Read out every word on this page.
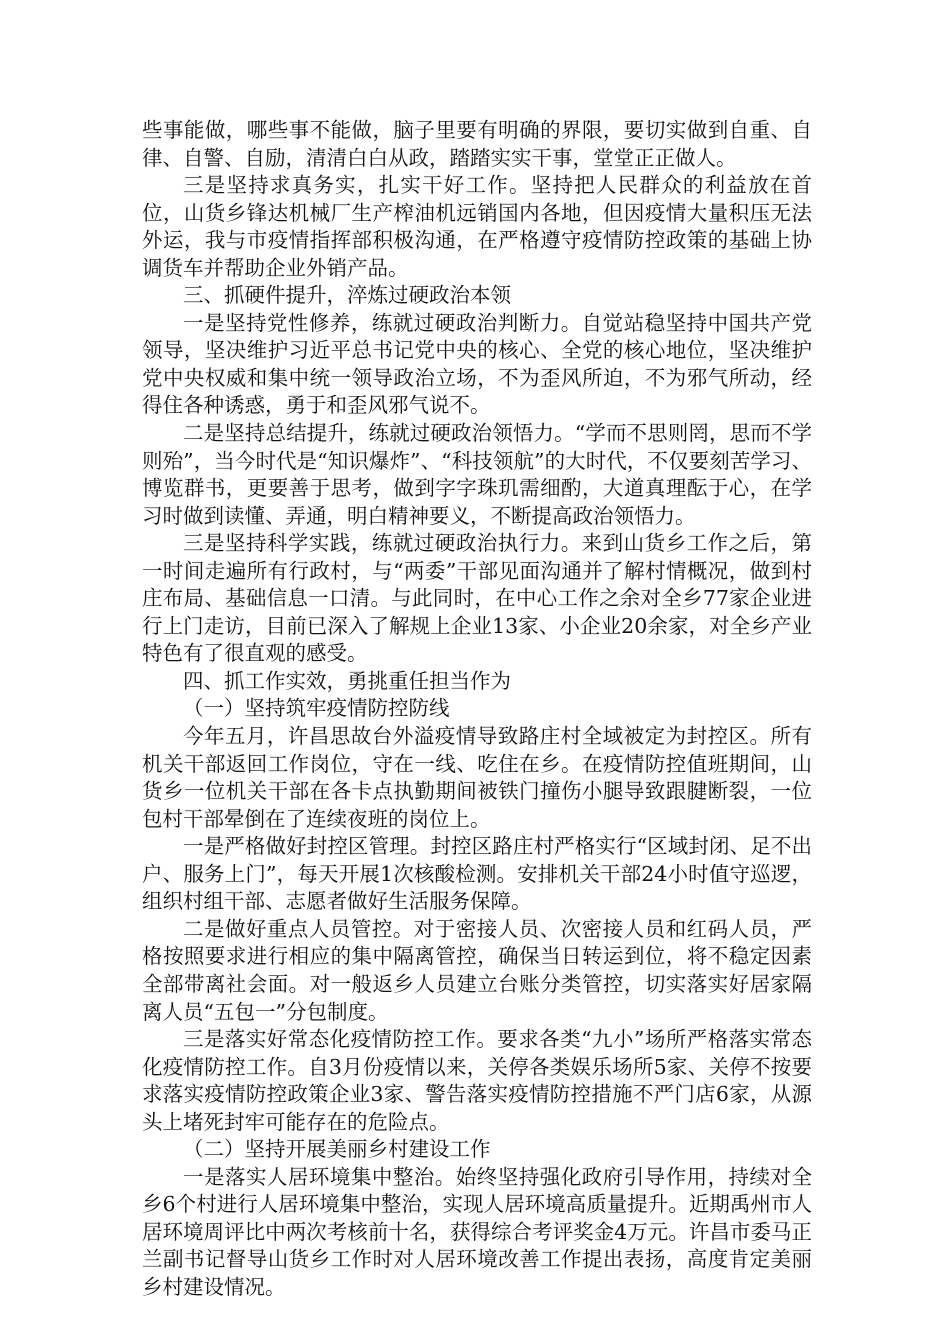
些事能做，哪些事不能做，脑子里要有明确的界限，要切实做到自重、自律、自警、自励，清清白白从政，踏踏实实干事，堂堂正正做人。

三是坚持求真务实，扎实干好工作。坚持把人民群众的利益放在首位，山货乡锋达机械厂生产榨油机远销国内各地，但因疫情大量积压无法外运，我与市疫情指挥部积极沟通，在严格遵守疫情防控政策的基础上协调货车并帮助企业外销产品。

三、抓硬件提升，淬炼过硬政治本领

一是坚持党性修养，练就过硬政治判断力。自觉站稳坚持中国共产党领导，坚决维护习近平总书记党中央的核心、全党的核心地位，坚决维护党中央权威和集中统一领导政治立场，不为歪风所迫，不为邪气所动，经得住各种诱惑，勇于和歪风邪气说不。

二是坚持总结提升，练就过硬政治领悟力。“学而不思则罔，思而不学则殆”，当今时代是“知识爆炸”、“科技领航”的大时代，不仅要刻苦学习、博览群书，更要善于思考，做到字字珠玑需细酌，大道真理酝于心，在学习时做到读懂、弄通，明白精神要义，不断提高政治领悟力。

三是坚持科学实践，练就过硬政治执行力。来到山货乡工作之后，第一时间走遍所有行政村，与“两委”干部见面沟通并了解村情概况，做到村庄布局、基础信息一口清。与此同时，在中心工作之余对全乡77家企业进行上门走访，目前已深入了解规上企业13家、小企业20余家，对全乡产业特色有了很直观的感受。

四、抓工作实效，勇挑重任担当作为

（一）坚持筑牢疫情防控防线

今年五月，许昌思故台外溢疫情导致路庄村全域被定为封控区。所有机关干部返回工作岗位，守在一线、吃住在乡。在疫情防控值班期间，山货乡一位机关干部在各卡点执勤期间被铁门撞伤小腿导致跟腱断裂，一位包村干部晕倒在了连续夜班的岗位上。

一是严格做好封控区管理。封控区路庄村严格实行“区域封闭、足不出户、服务上门”，每天开展1次核酸检测。安排机关干部24小时值守巡逻，组织村组干部、志愿者做好生活服务保障。

二是做好重点人员管控。对于密接人员、次密接人员和红码人员，严格按照要求进行相应的集中隔离管控，确保当日转运到位，将不稳定因素全部带离社会面。对一般返乡人员建立台账分类管控，切实落实好居家隔离人员“五包一”分包制度。

三是落实好常态化疫情防控工作。要求各类“九小”场所严格落实常态化疫情防控工作。自3月份疫情以来，关停各类娱乐场所5家、关停不按要求落实疫情防控政策企业3家、警告落实疫情防控措施不严门店6家，从源头上堵死封牢可能存在的危险点。

（二）坚持开展美丽乡村建设工作

一是落实人居环境集中整治。始终坚持强化政府引导作用，持续对全乡6个村进行人居环境集中整治，实现人居环境高质量提升。近期禹州市人居环境周评比中两次考核前十名，获得综合考评奖金4万元。许昌市委马正兰副书记督导山货乡工作时对人居环境改善工作提出表扬，高度肯定美丽乡村建设情况。
